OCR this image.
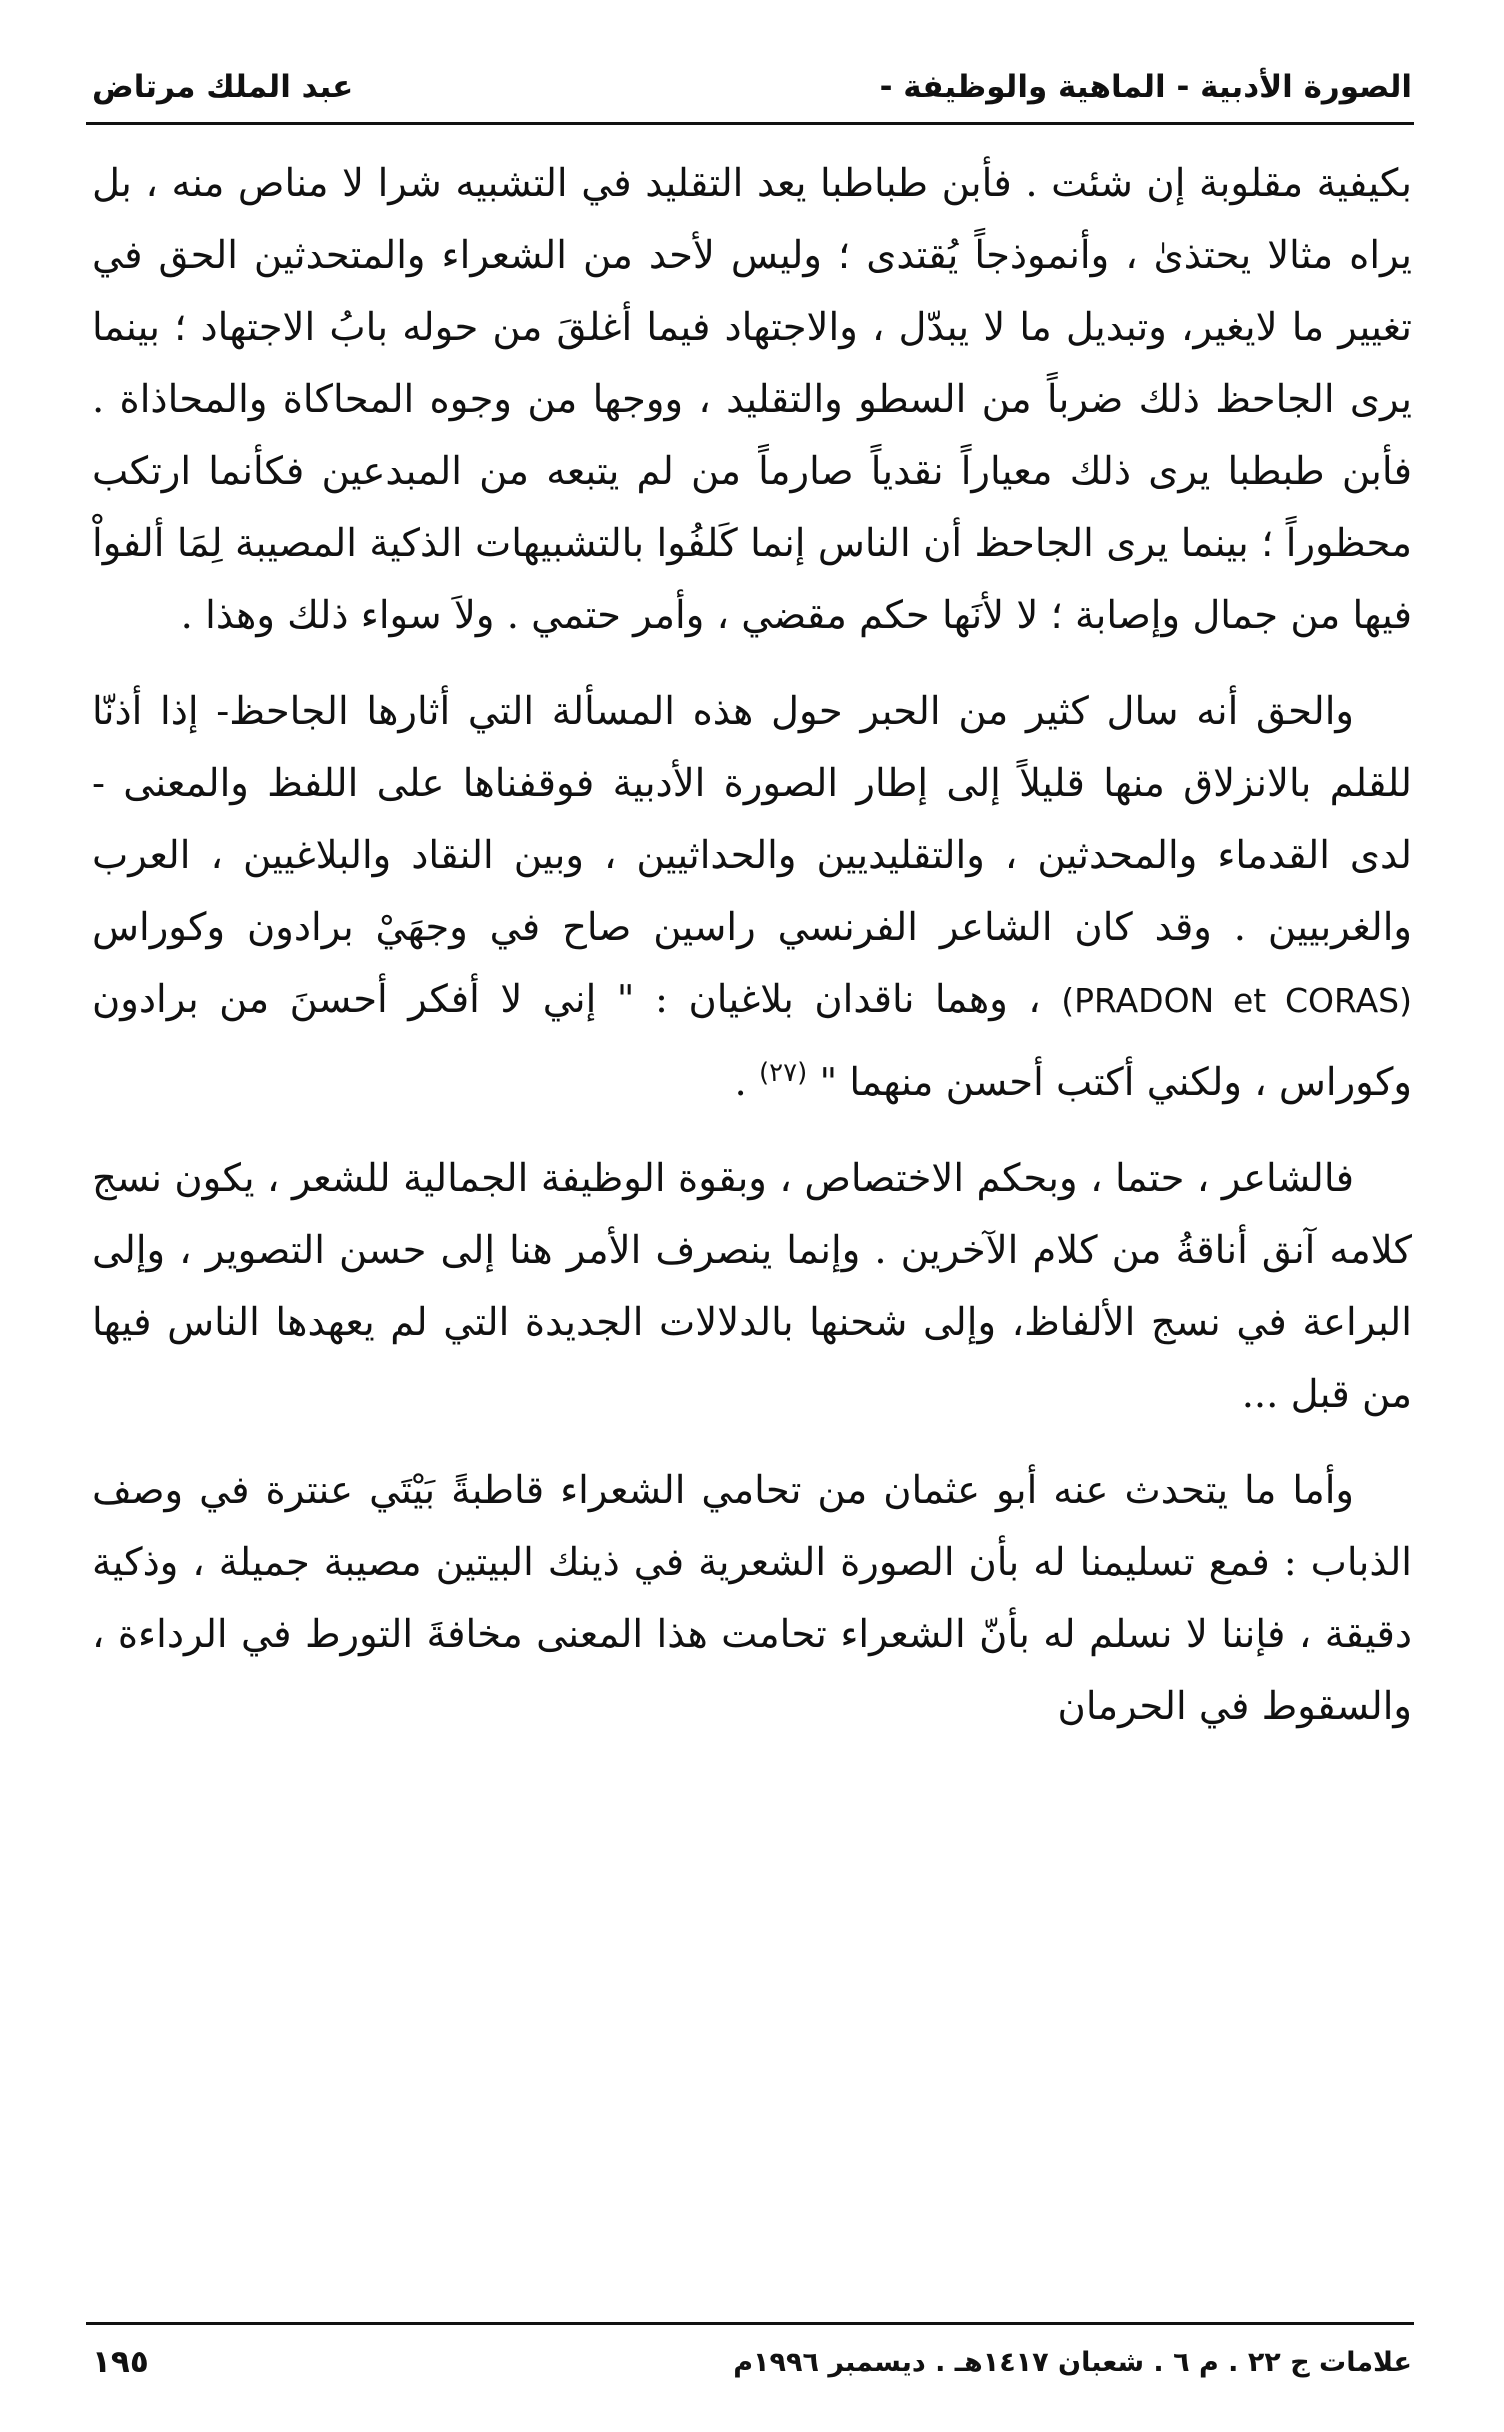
الصورة الأدبية - الماهية والوظيفة -
عبد الملك مرتاض

بكيفية مقلوبة إن شئت . فأبن طباطبا يعد التقليد في التشبيه شرا لا مناص منه ، بل يراه مثالا يحتذىٰ ، وأنموذجاً يُقتدى ؛ وليس لأحد من الشعراء والمتحدثين الحق في تغيير ما لايغير، وتبديل ما لا يبدّل ، والاجتهاد فيما أغلقَ من حوله بابُ الاجتهاد ؛ بينما يرى الجاحظ ذلك ضرباً من السطو والتقليد ، ووجها من وجوه المحاكاة والمحاذاة . فأبن طبطبا يرى ذلك معياراً نقدياً صارماً من لم يتبعه من المبدعين فكأنما ارتكب محظوراً ؛ بينما يرى الجاحظ أن الناس إنما كَلفُوا بالتشبيهات الذكية المصيبة لِمَا ألفواْ فيها من جمال وإصابة ؛ لا لأنَها حكم مقضي ، وأمر حتمي . ولاَ سواء ذلك وهذا .

والحق أنه سال كثير من الحبر حول هذه المسألة التي أثارها الجاحظ- إذا أذنّا للقلم بالانزلاق منها قليلاً إلى إطار الصورة الأدبية فوقفناها على اللفظ والمعنى - لدى القدماء والمحدثين ، والتقليديين والحداثيين ، وبين النقاد والبلاغيين ، العرب والغربيين . وقد كان الشاعر الفرنسي راسين صاح في وجهَيْ برادون وكوراس (PRADON et CORAS) ، وهما ناقدان بلاغيان : " إني لا أفكر أحسنَ من برادون وكوراس ، ولكني أكتب أحسن منهما " $^{(٢٧)}$ .

فالشاعر ، حتما ، وبحكم الاختصاص ، وبقوة الوظيفة الجمالية للشعر ، يكون نسج كلامه آنق أناقةُ من كلام الآخرين . وإنما ينصرف الأمر هنا إلى حسن التصوير ، وإلى البراعة في نسج الألفاظ، وإلى شحنها بالدلالات الجديدة التي لم يعهدها الناس فيها من قبل ...

وأما ما يتحدث عنه أبو عثمان من تحامي الشعراء قاطبةً بَيْتَي عنترة في وصف الذباب : فمع تسليمنا له بأن الصورة الشعرية في ذينك البيتين مصيبة جميلة ، وذكية دقيقة ، فإننا لا نسلم له بأنّ الشعراء تحامت هذا المعنى مخافةَ التورط في الرداءة ، والسقوط في الحرمان

علامات ج ٢٢ . م ٦ . شعبان ١٤١٧هـ . ديسمبر ١٩٩٦م
١٩٥
